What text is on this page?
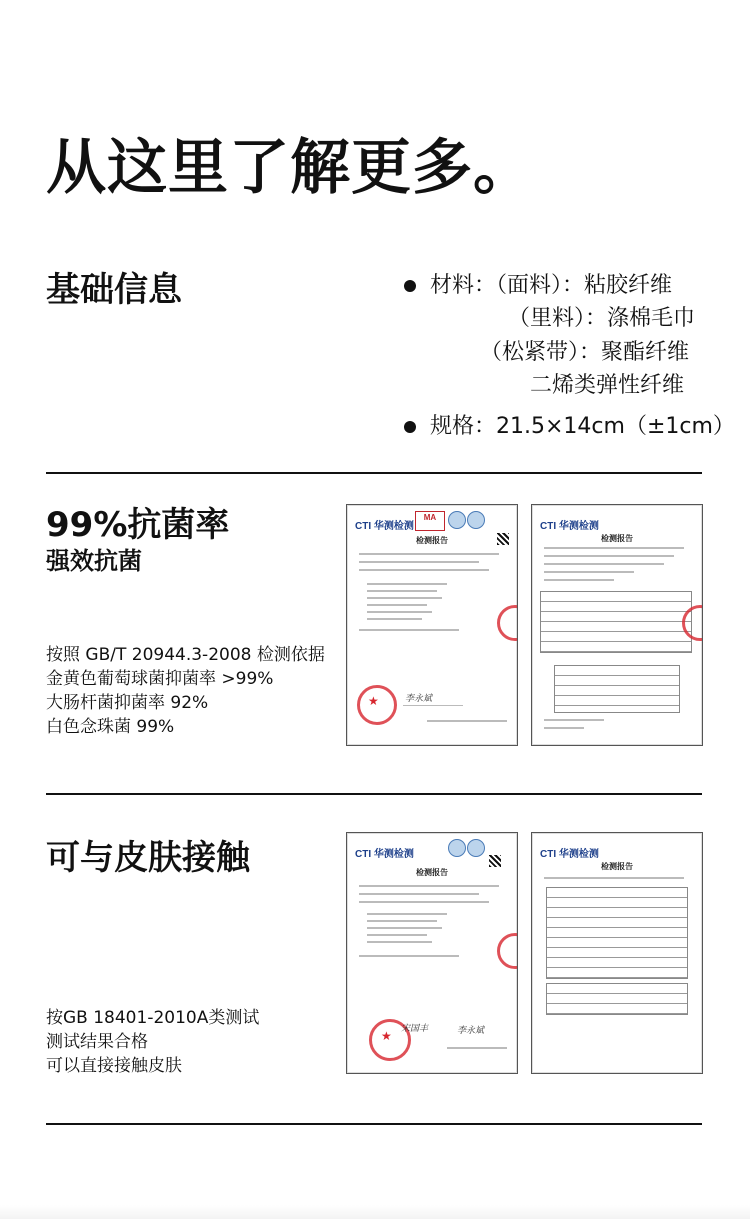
从这里了解更多。
基础信息	材料：（面料）：粘胶纤维
（里料）：涤棉毛巾
（松紧带）：聚酯纤维
二烯类弹性纤维
规格：21.5×14cm（±1cm）
99%抗菌率
强效抗菌
按照 GB/T 20944.3-2008 检测依据
金黄色葡萄球菌抑菌率 >99%
大肠杆菌抑菌率 92%
白色念珠菌 99%
CTI 华测检测
MA
检测报告
★	李永斌
CTI 华测检测
检测报告
可与皮肤接触
按GB 18401-2010A类测试
测试结果合格
可以直接接触皮肤
CTI 华测检测
检测报告
★ 宋国丰	李永斌
CTI 华测检测
检测报告
